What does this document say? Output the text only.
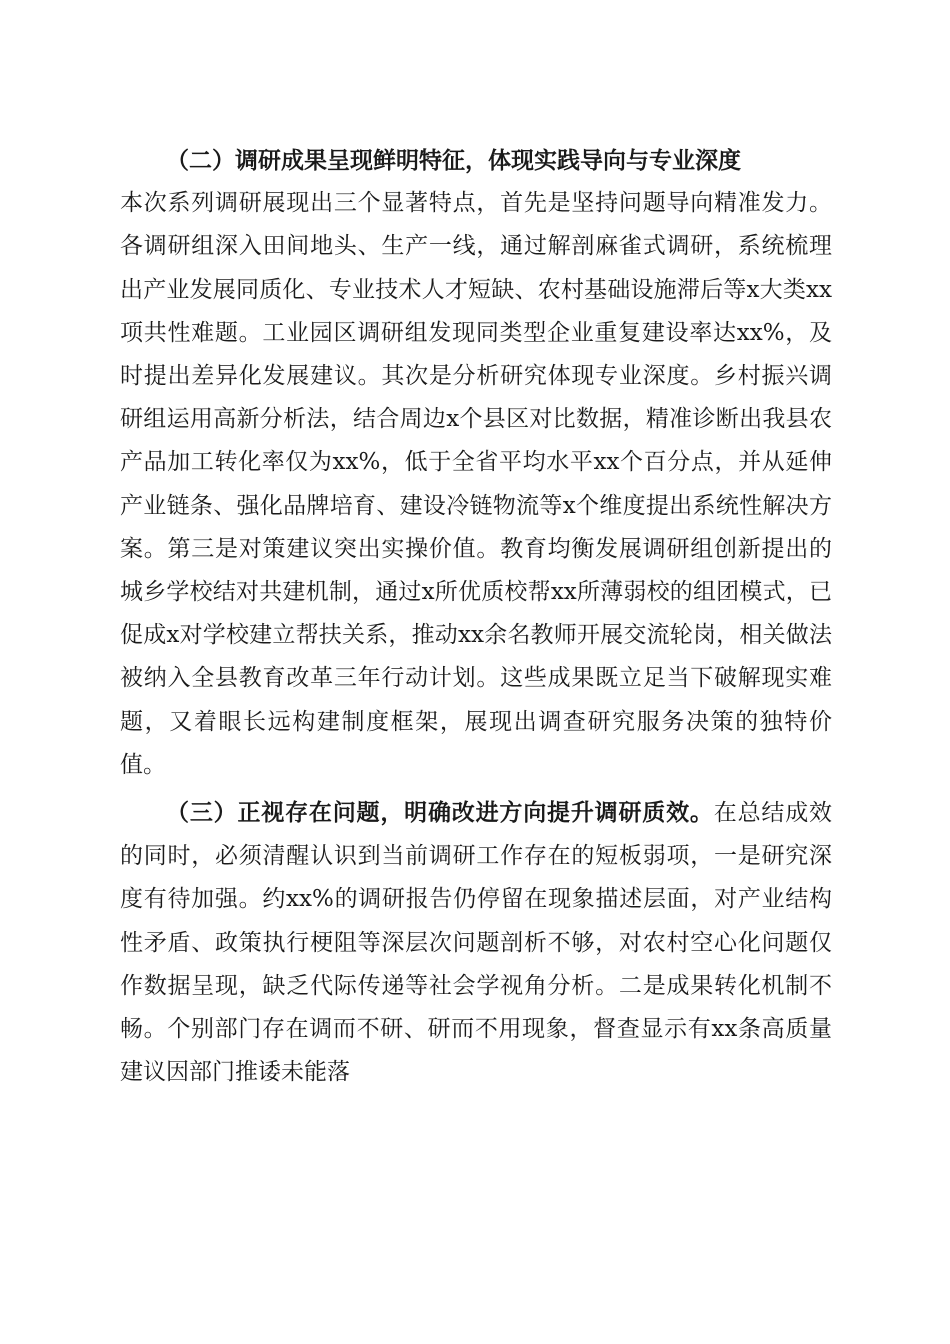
（二）调研成果呈现鲜明特征，体现实践导向与专业深度

本次系列调研展现出三个显著特点，首先是坚持问题导向精准发力。各调研组深入田间地头、生产一线，通过解剖麻雀式调研，系统梳理出产业发展同质化、专业技术人才短缺、农村基础设施滞后等x大类xx项共性难题。工业园区调研组发现同类型企业重复建设率达xx%，及时提出差异化发展建议。其次是分析研究体现专业深度。乡村振兴调研组运用高新分析法，结合周边x个县区对比数据，精准诊断出我县农产品加工转化率仅为xx%，低于全省平均水平xx个百分点，并从延伸产业链条、强化品牌培育、建设冷链物流等x个维度提出系统性解决方案。第三是对策建议突出实操价值。教育均衡发展调研组创新提出的城乡学校结对共建机制，通过x所优质校帮xx所薄弱校的组团模式，已促成x对学校建立帮扶关系，推动xx余名教师开展交流轮岗，相关做法被纳入全县教育改革三年行动计划。这些成果既立足当下破解现实难题，又着眼长远构建制度框架，展现出调查研究服务决策的独特价值。

（三）正视存在问题，明确改进方向提升调研质效。在总结成效的同时，必须清醒认识到当前调研工作存在的短板弱项，一是研究深度有待加强。约xx%的调研报告仍停留在现象描述层面，对产业结构性矛盾、政策执行梗阻等深层次问题剖析不够，对农村空心化问题仅作数据呈现，缺乏代际传递等社会学视角分析。二是成果转化机制不畅。个别部门存在调而不研、研而不用现象，督查显示有xx条高质量建议因部门推诿未能落
